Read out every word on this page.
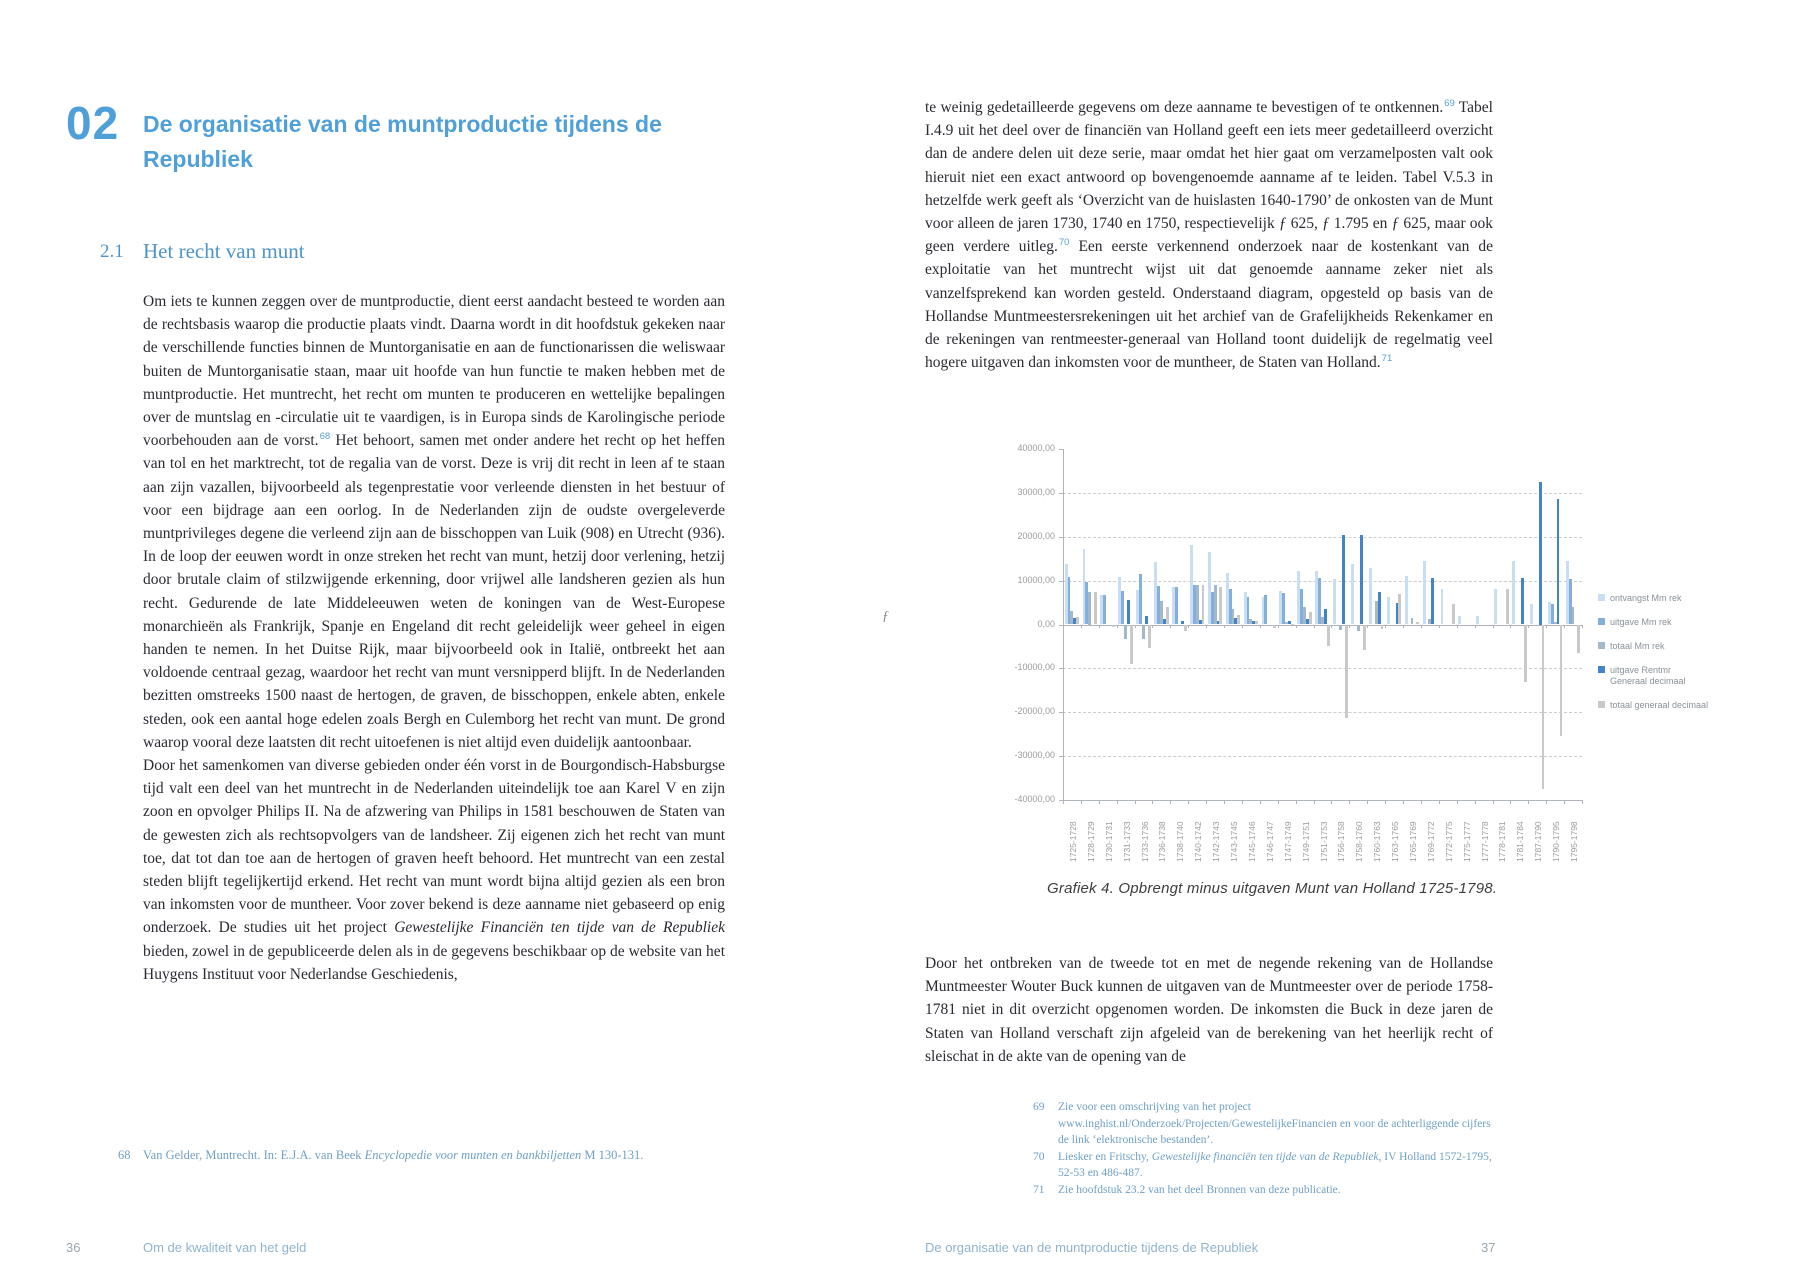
02 De organisatie van de muntproductie tijdens de Republiek
2.1 Het recht van munt

Om iets te kunnen zeggen over de muntproductie, dient eerst aandacht besteed te worden aan de rechtsbasis waarop die productie plaats vindt. Daarna wordt in dit hoofdstuk gekeken naar de verschillende functies binnen de Muntorganisatie en aan de functionarissen die weliswaar buiten de Muntorganisatie staan, maar uit hoofde van hun functie te maken hebben met de muntproductie. Het muntrecht, het recht om munten te produceren en wettelijke bepalingen over de muntslag en -circulatie uit te vaardigen, is in Europa sinds de Karolingische periode voorbehouden aan de vorst.$^{68}$ Het behoort, samen met onder andere het recht op het heffen van tol en het marktrecht, tot de regalia van de vorst. Deze is vrij dit recht in leen af te staan aan zijn vazallen, bijvoorbeeld als tegenprestatie voor verleende diensten in het bestuur of voor een bijdrage aan een oorlog. In de Nederlanden zijn de oudste overgeleverde muntprivileges degene die verleend zijn aan de bisschoppen van Luik (908) en Utrecht (936). In de loop der eeuwen wordt in onze streken het recht van munt, hetzij door verlening, hetzij door brutale claim of stilzwijgende erkenning, door vrijwel alle landsheren gezien als hun recht. Gedurende de late Middeleeuwen weten de koningen van de West-Europese monarchieën als Frankrijk, Spanje en Engeland dit recht geleidelijk weer geheel in eigen handen te nemen. In het Duitse Rijk, maar bijvoorbeeld ook in Italië, ontbreekt het aan voldoende centraal gezag, waardoor het recht van munt versnipperd blijft. In de Nederlanden bezitten omstreeks 1500 naast de hertogen, de graven, de bisschoppen, enkele abten, enkele steden, ook een aantal hoge edelen zoals Bergh en Culemborg het recht van munt. De grond waarop vooral deze laatsten dit recht uitoefenen is niet altijd even duidelijk aantoonbaar.

Door het samenkomen van diverse gebieden onder één vorst in de Bourgondisch-Habsburgse tijd valt een deel van het muntrecht in de Nederlanden uiteindelijk toe aan Karel V en zijn zoon en opvolger Philips II. Na de afzwering van Philips in 1581 beschouwen de Staten van de gewesten zich als rechtsopvolgers van de landsheer. Zij eigenen zich het recht van munt toe, dat tot dan toe aan de hertogen of graven heeft behoord. Het muntrecht van een zestal steden blijft tegelijkertijd erkend. Het recht van munt wordt bijna altijd gezien als een bron van inkomsten voor de muntheer. Voor zover bekend is deze aanname niet gebaseerd op enig onderzoek. De studies uit het project Gewestelijke Financiën ten tijde van de Republiek bieden, zowel in de gepubliceerde delen als in de gegevens beschikbaar op de website van het Huygens Instituut voor Nederlandse Geschiedenis,

68	Van Gelder, Muntrecht. In: E.J.A. van Beek Encyclopedie voor munten en bankbiljetten M 130-131.
36	Om de kwaliteit van het geld

te weinig gedetailleerde gegevens om deze aanname te bevestigen of te ontkennen.$^{69}$ Tabel I.4.9 uit het deel over de financiën van Holland geeft een iets meer gedetailleerd overzicht dan de andere delen uit deze serie, maar omdat het hier gaat om verzamelposten valt ook hieruit niet een exact antwoord op bovengenoemde aanname af te leiden. Tabel V.5.3 in hetzelfde werk geeft als ‘Overzicht van de huislasten 1640-1790’ de onkosten van de Munt voor alleen de jaren 1730, 1740 en 1750, respectievelijk ƒ 625, ƒ 1.795 en ƒ 625, maar ook geen verdere uitleg.$^{70}$ Een eerste verkennend onderzoek naar de kostenkant van de exploitatie van het muntrecht wijst uit dat genoemde aanname zeker niet als vanzelfsprekend kan worden gesteld. Onderstaand diagram, opgesteld op basis van de Hollandse Muntmeestersrekeningen uit het archief van de Grafelijkheids Rekenkamer en de rekeningen van rentmeester-generaal van Holland toont duidelijk de regelmatig veel hogere uitgaven dan inkomsten voor de muntheer, de Staten van Holland.$^{71}$

ƒ
ontvangst Mm rek
uitgave Mm rek
totaal Mm rek
uitgave Rentmr Generaal decimaal
totaal generaal decimaal
40000,00
30000,00
20000,00
10000,00
0,00
-10000,00
-20000,00
-30000,00
-40000,00
1725-1728 1728-1729 1730-1731 1731-1733 1733-1736 1736-1738 1738-1740 1740-1742 1742-1743 1743-1745 1745-1746 1746-1747 1747-1749 1749-1751 1751-1753 1756-1758 1758-1760 1760-1763 1763-1765 1765-1769 1769-1772 1772-1775 1775-1777 1777-1778 1778-1781 1781-1784 1787-1790 1790-1795 1795-1798
Grafiek 4. Opbrengt minus uitgaven Munt van Holland 1725-1798.

Door het ontbreken van de tweede tot en met de negende rekening van de Hollandse Muntmeester Wouter Buck kunnen de uitgaven van de Muntmeester over de periode 1758-1781 niet in dit overzicht opgenomen worden. De inkomsten die Buck in deze jaren de Staten van Holland verschaft zijn afgeleid van de berekening van het heerlijk recht of sleischat in de akte van de opening van de

69	Zie voor een omschrijving van het project www.inghist.nl/Onderzoek/Projecten/GewestelijkeFinancien en voor de achterliggende cijfers de link ‘elektronische bestanden’.
70	Liesker en Fritschy, Gewestelijke financiën ten tijde van de Republiek, IV Holland 1572-1795, 52-53 en 486-487.
71	Zie hoofdstuk 23.2 van het deel Bronnen van deze publicatie.
De organisatie van de muntproductie tijdens de Republiek	37
